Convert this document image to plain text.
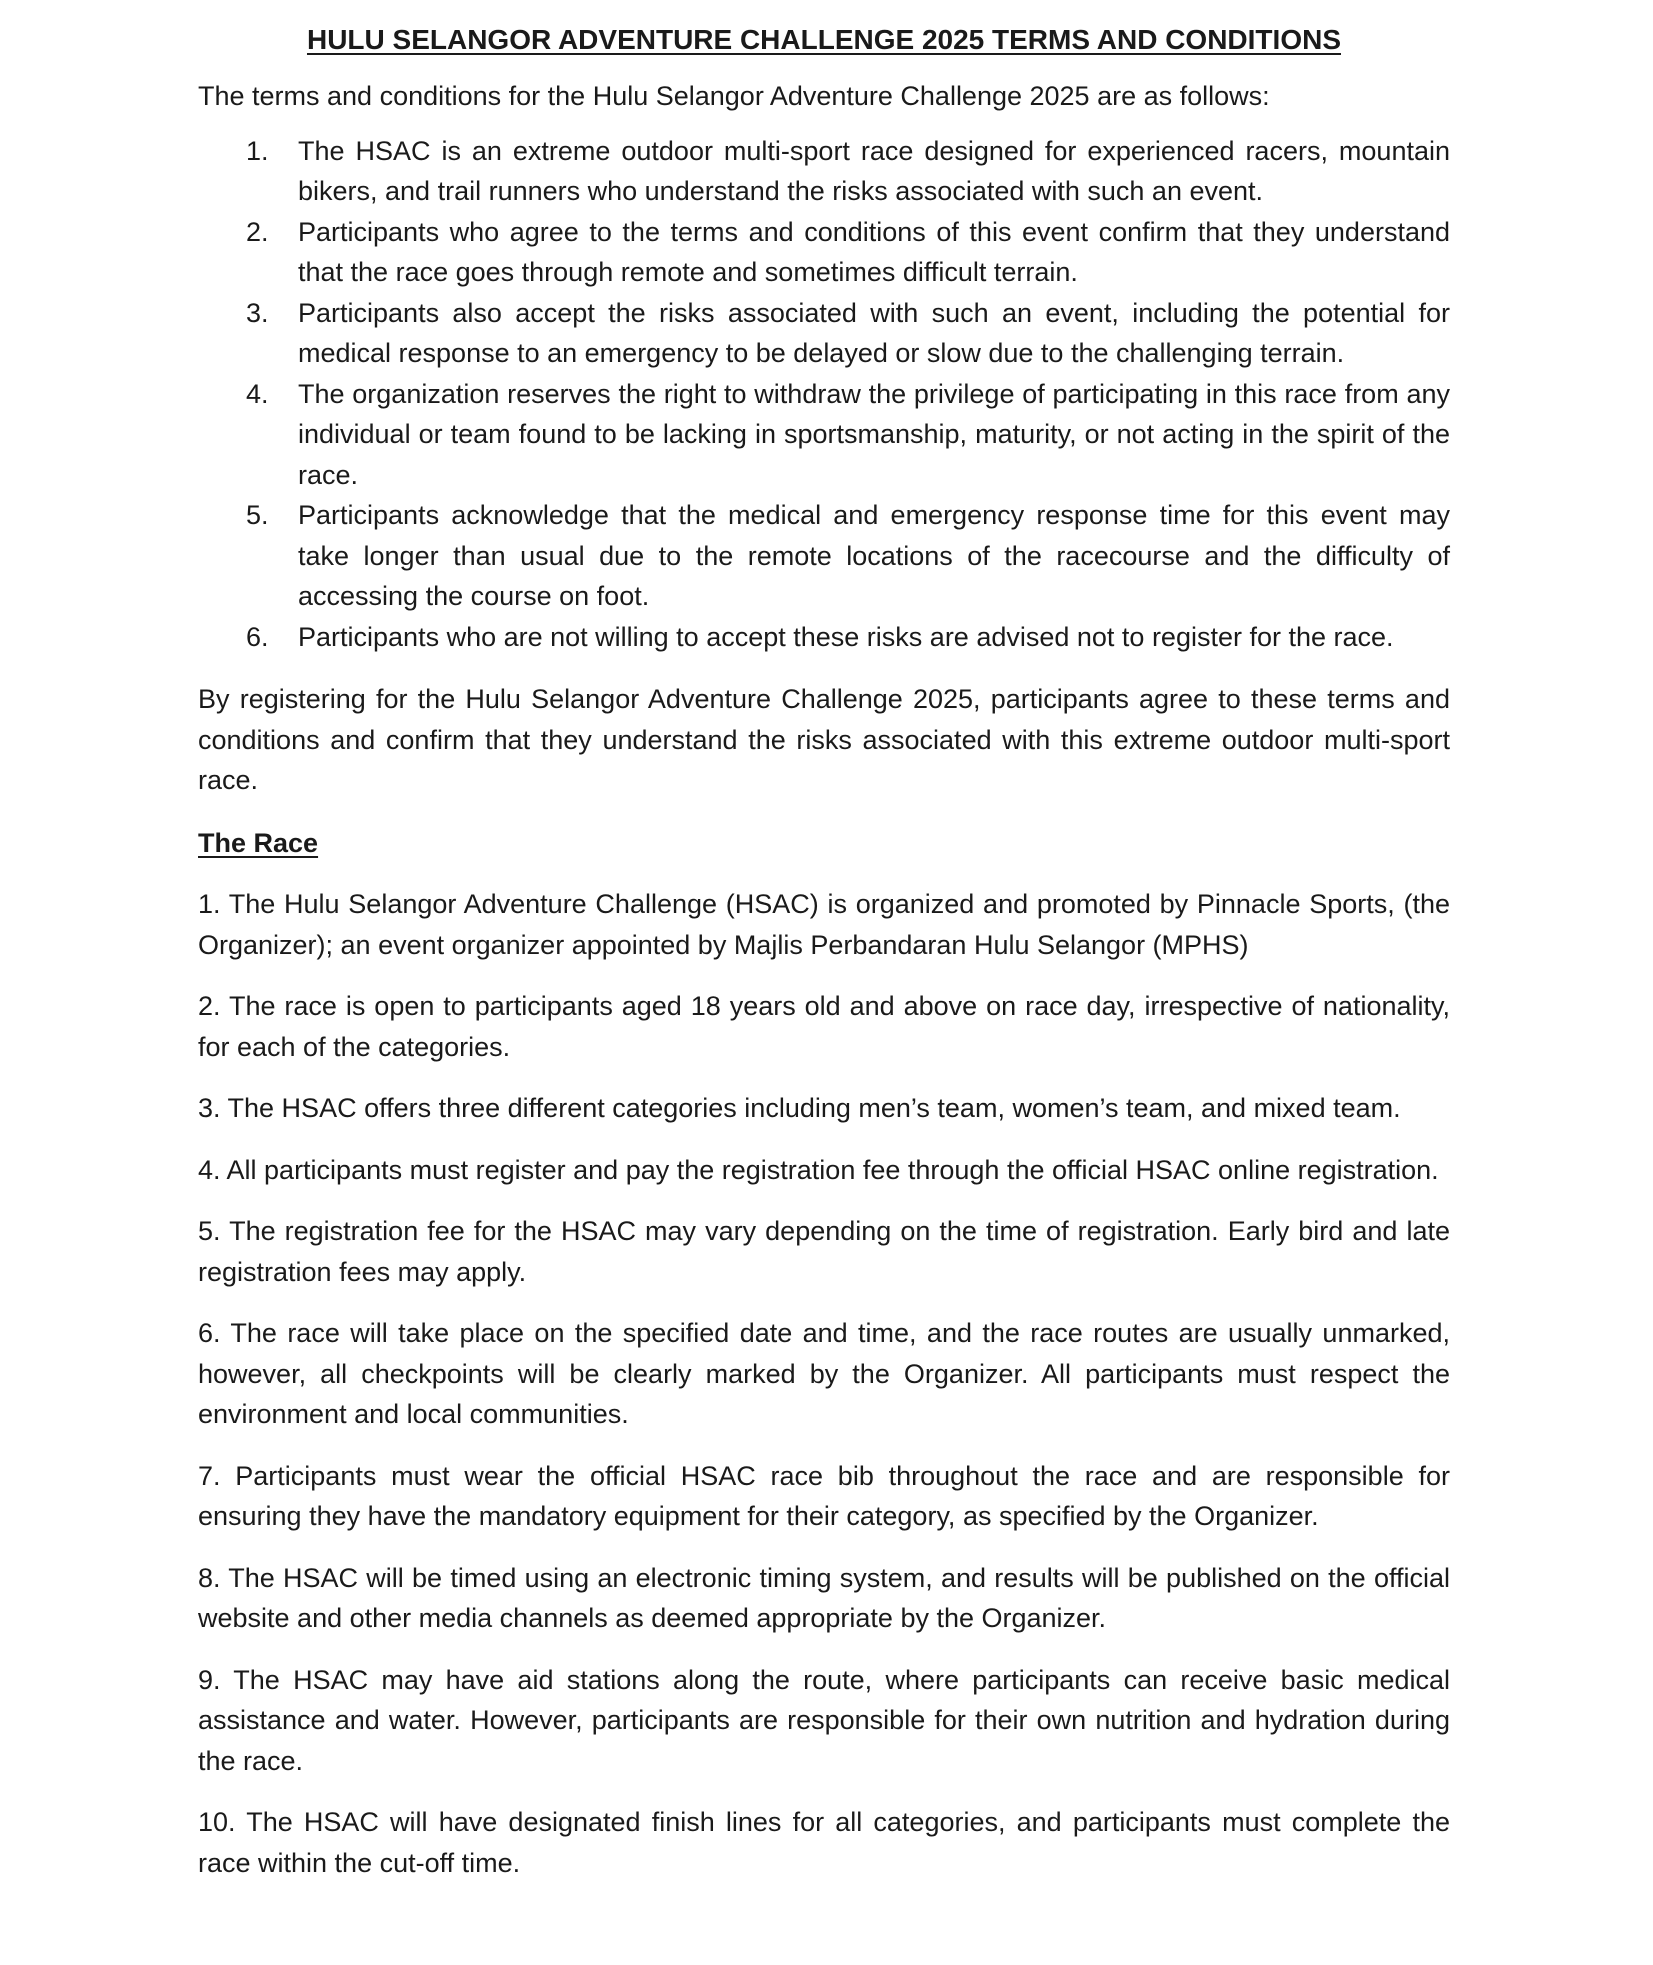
HULU SELANGOR ADVENTURE CHALLENGE 2025 TERMS AND CONDITIONS

The terms and conditions for the Hulu Selangor Adventure Challenge 2025 are as follows:

1. The HSAC is an extreme outdoor multi-sport race designed for experienced racers, mountain bikers, and trail runners who understand the risks associated with such an event.
2. Participants who agree to the terms and conditions of this event confirm that they understand that the race goes through remote and sometimes difficult terrain.
3. Participants also accept the risks associated with such an event, including the potential for medical response to an emergency to be delayed or slow due to the challenging terrain.
4. The organization reserves the right to withdraw the privilege of participating in this race from any individual or team found to be lacking in sportsmanship, maturity, or not acting in the spirit of the race.
5. Participants acknowledge that the medical and emergency response time for this event may take longer than usual due to the remote locations of the racecourse and the difficulty of accessing the course on foot.
6. Participants who are not willing to accept these risks are advised not to register for the race.

By registering for the Hulu Selangor Adventure Challenge 2025, participants agree to these terms and conditions and confirm that they understand the risks associated with this extreme outdoor multi-sport race.

The Race

1. The Hulu Selangor Adventure Challenge (HSAC) is organized and promoted by Pinnacle Sports, (the Organizer); an event organizer appointed by Majlis Perbandaran Hulu Selangor (MPHS)

2. The race is open to participants aged 18 years old and above on race day, irrespective of nationality, for each of the categories.

3. The HSAC offers three different categories including men’s team, women’s team, and mixed team.

4. All participants must register and pay the registration fee through the official HSAC online registration.

5. The registration fee for the HSAC may vary depending on the time of registration. Early bird and late registration fees may apply.

6. The race will take place on the specified date and time, and the race routes are usually unmarked, however, all checkpoints will be clearly marked by the Organizer. All participants must respect the environment and local communities.

7. Participants must wear the official HSAC race bib throughout the race and are responsible for ensuring they have the mandatory equipment for their category, as specified by the Organizer.

8. The HSAC will be timed using an electronic timing system, and results will be published on the official website and other media channels as deemed appropriate by the Organizer.

9. The HSAC may have aid stations along the route, where participants can receive basic medical assistance and water. However, participants are responsible for their own nutrition and hydration during the race.

10. The HSAC will have designated finish lines for all categories, and participants must complete the race within the cut-off time.
